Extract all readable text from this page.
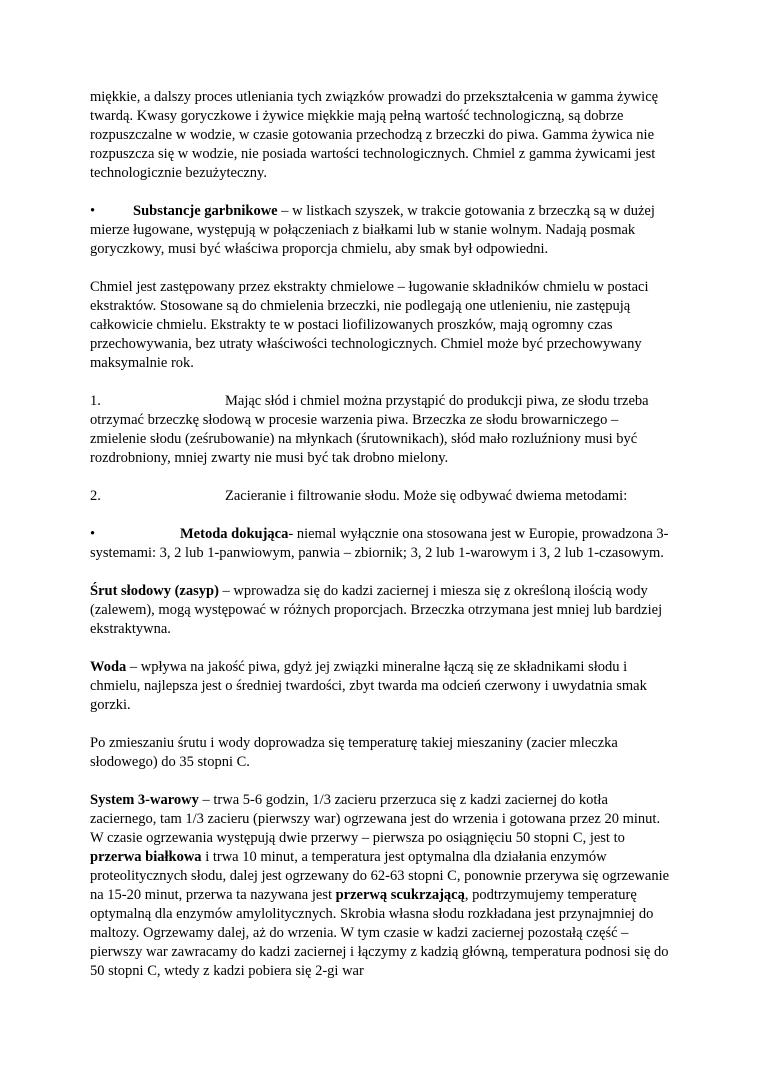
miękkie, a dalszy proces utleniania tych związków prowadzi do przekształcenia w gamma żywicę twardą. Kwasy goryczkowe i żywice miękkie mają pełną wartość technologiczną, są dobrze rozpuszczalne w wodzie, w czasie gotowania przechodzą z brzeczki do piwa. Gamma żywica nie rozpuszcza się w wodzie, nie posiada wartości technologicznych. Chmiel z gamma żywicami jest technologicznie bezużyteczny.

•	Substancje garbnikowe – w listkach szyszek, w trakcie gotowania z brzeczką są w dużej mierze ługowane, występują w połączeniach z białkami lub w stanie wolnym. Nadają posmak goryczkowy, musi być właściwa proporcja chmielu, aby smak był odpowiedni.

Chmiel jest zastępowany przez ekstrakty chmielowe – ługowanie składników chmielu w postaci ekstraktów. Stosowane są do chmielenia brzeczki, nie podlegają one utlenieniu, nie zastępują całkowicie chmielu. Ekstrakty te w postaci liofilizowanych proszków, mają ogromny czas przechowywania, bez utraty właściwości technologicznych. Chmiel może być przechowywany maksymalnie rok.

1.	Mając słód i chmiel można przystąpić do produkcji piwa, ze słodu trzeba otrzymać brzeczkę słodową w procesie warzenia piwa. Brzeczka ze słodu browarniczego – zmielenie słodu (ześrubowanie) na młynkach (śrutownikach), słód mało rozluźniony musi być rozdrobniony, mniej zwarty nie musi być tak drobno mielony.

2.	Zacieranie i filtrowanie słodu. Może się odbywać dwiema metodami:

•	Metoda dokująca- niemal wyłącznie ona stosowana jest w Europie, prowadzona 3-systemami: 3, 2 lub 1-panwiowym, panwia – zbiornik; 3, 2 lub 1-warowym i 3, 2 lub 1-czasowym.

Śrut słodowy (zasyp) – wprowadza się do kadzi zaciernej i miesza się z określoną ilością wody (zalewem), mogą występować w różnych proporcjach. Brzeczka otrzymana jest mniej lub bardziej ekstraktywna.

Woda – wpływa na jakość piwa, gdyż jej związki mineralne łączą się ze składnikami słodu i chmielu, najlepsza jest o średniej twardości, zbyt twarda ma odcień czerwony i uwydatnia smak gorzki.

Po zmieszaniu śrutu i wody doprowadza się temperaturę takiej mieszaniny (zacier mleczka słodowego) do 35 stopni C.

System 3-warowy – trwa 5-6 godzin, 1/3 zacieru przerzuca się z kadzi zaciernej do kotła zaciernego, tam 1/3 zacieru (pierwszy war) ogrzewana jest do wrzenia i gotowana przez 20 minut. W czasie ogrzewania występują dwie przerwy – pierwsza po osiągnięciu 50 stopni C, jest to przerwa białkowa i trwa 10 minut, a temperatura jest optymalna dla działania enzymów proteolitycznych słodu, dalej jest ogrzewany do 62-63 stopni C, ponownie przerywa się ogrzewanie na 15-20 minut, przerwa ta nazywana jest przerwą scukrzającą, podtrzymujemy temperaturę optymalną dla enzymów amylolitycznych. Skrobia własna słodu rozkładana jest przynajmniej do maltozy. Ogrzewamy dalej, aż do wrzenia. W tym czasie w kadzi zaciernej pozostałą część – pierwszy war zawracamy do kadzi zaciernej i łączymy z kadzią główną, temperatura podnosi się do 50 stopni C, wtedy z kadzi pobiera się 2-gi war
